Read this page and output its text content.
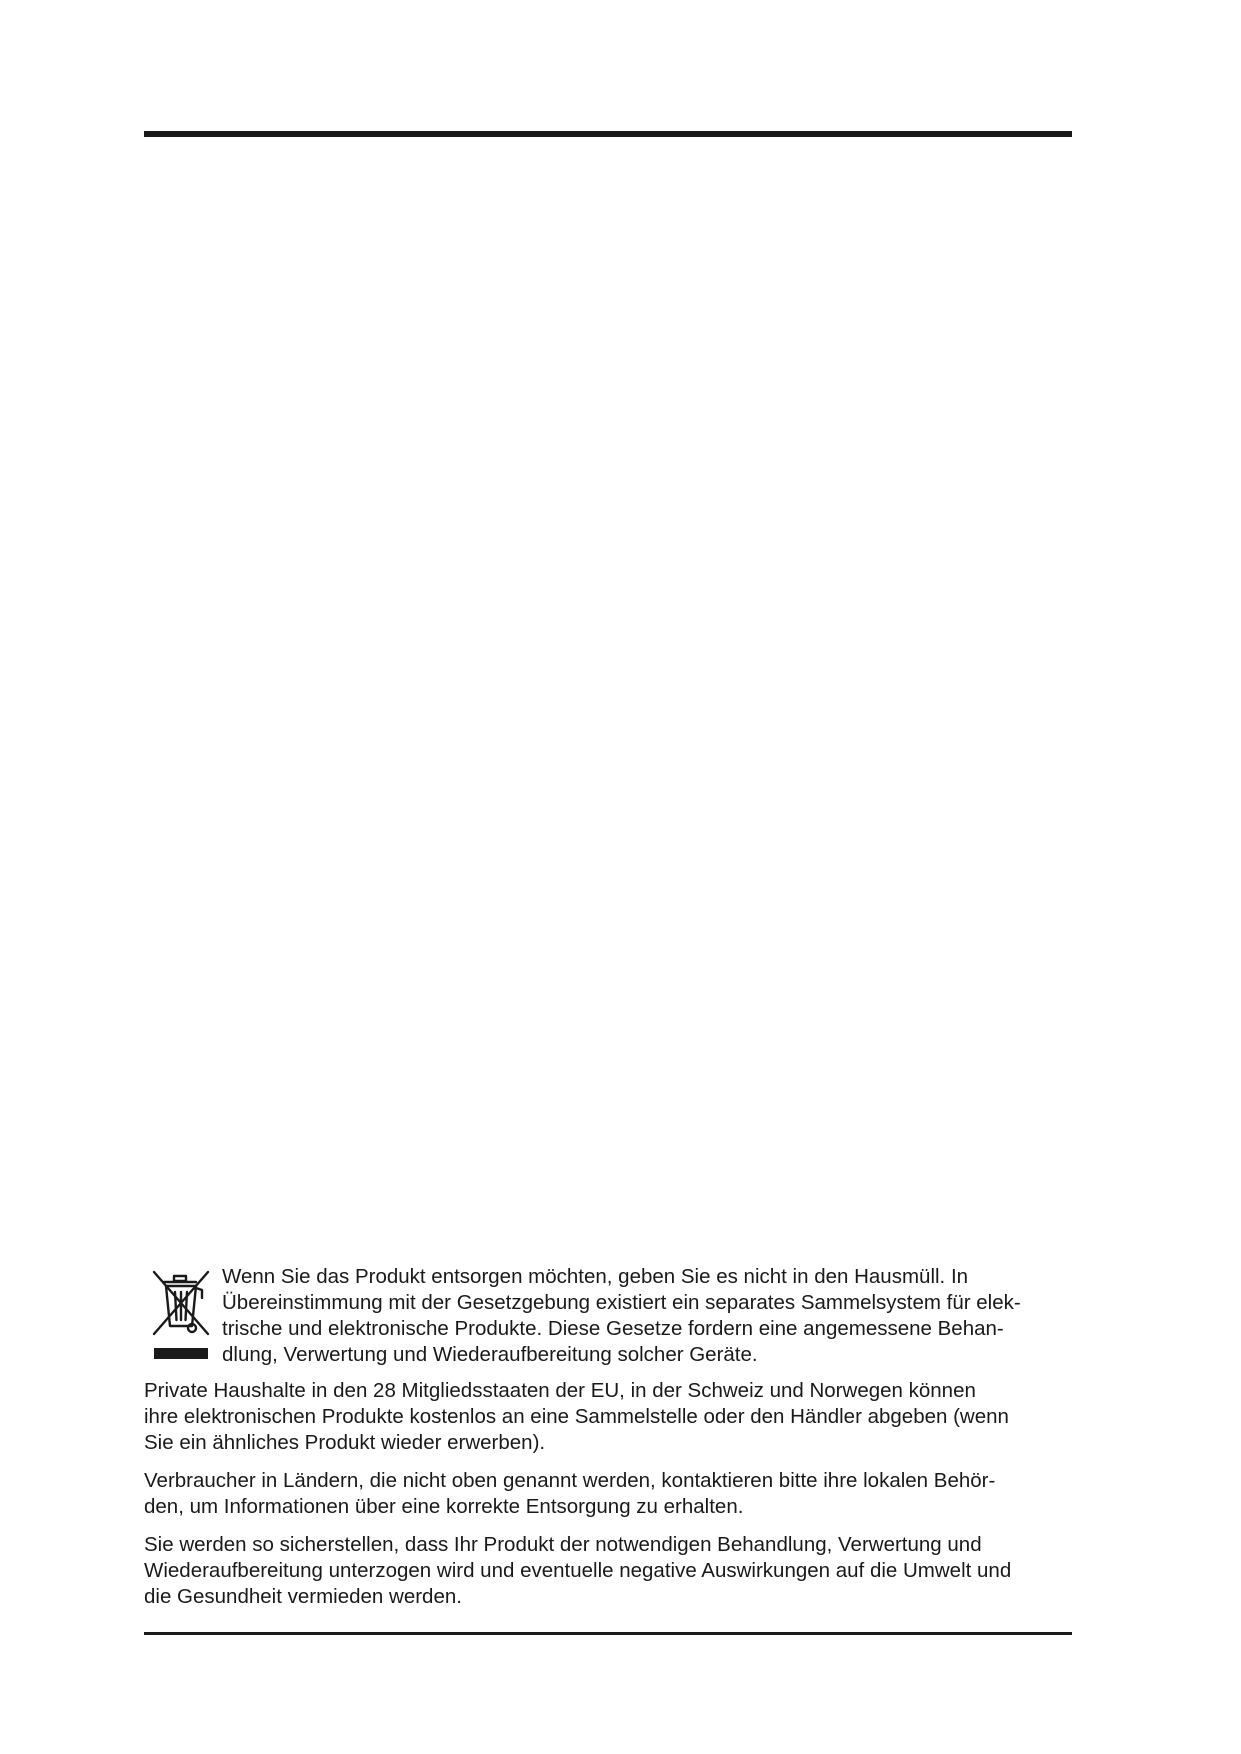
Wenn Sie das Produkt entsorgen möchten, geben Sie es nicht in den Hausmüll. In
Übereinstimmung mit der Gesetzgebung existiert ein separates Sammelsystem für elek-
trische und elektronische Produkte. Diese Gesetze fordern eine angemessene Behan-
dlung, Verwertung und Wiederaufbereitung solcher Geräte.

Private Haushalte in den 28 Mitgliedsstaaten der EU, in der Schweiz und Norwegen können
ihre elektronischen Produkte kostenlos an eine Sammelstelle oder den Händler abgeben (wenn
Sie ein ähnliches Produkt wieder erwerben).

Verbraucher in Ländern, die nicht oben genannt werden, kontaktieren bitte ihre lokalen Behör-
den, um Informationen über eine korrekte Entsorgung zu erhalten.

Sie werden so sicherstellen, dass Ihr Produkt der notwendigen Behandlung, Verwertung und
Wiederaufbereitung unterzogen wird und eventuelle negative Auswirkungen auf die Umwelt und
die Gesundheit vermieden werden.
